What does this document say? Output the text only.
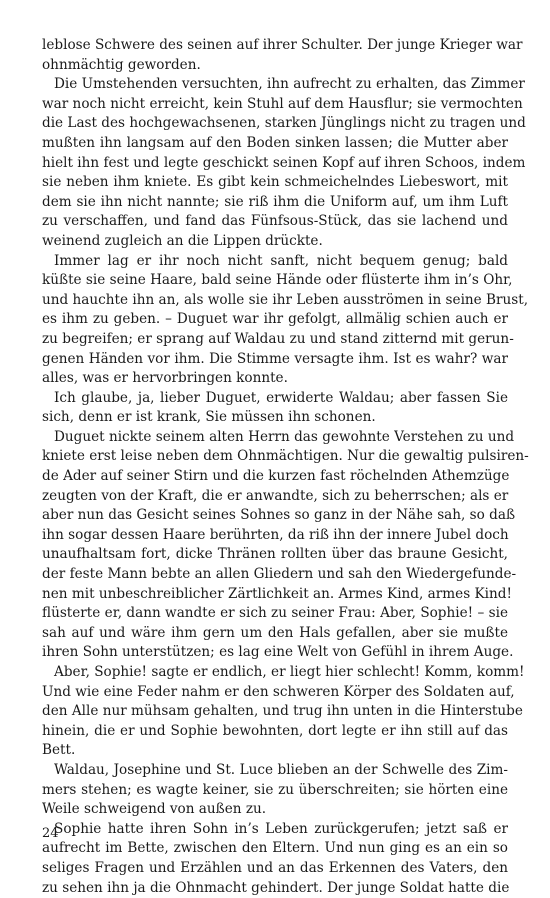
leblose Schwere des seinen auf ihrer Schulter. Der junge Krieger war
ohnmächtig geworden.
Die Umstehenden versuchten, ihn aufrecht zu erhalten, das Zimmer
war noch nicht erreicht, kein Stuhl auf dem Hausflur; sie vermochten
die Last des hochgewachsenen, starken Jünglings nicht zu tragen und
mußten ihn langsam auf den Boden sinken lassen; die Mutter aber
hielt ihn fest und legte geschickt seinen Kopf auf ihren Schoos, indem
sie neben ihm kniete. Es gibt kein schmeichelndes Liebeswort, mit
dem sie ihn nicht nannte; sie riß ihm die Uniform auf, um ihm Luft
zu verschaffen, und fand das Fünfsous-Stück, das sie lachend und
weinend zugleich an die Lippen drückte.
Immer lag er ihr noch nicht sanft, nicht bequem genug; bald
küßte sie seine Haare, bald seine Hände oder flüsterte ihm in’s Ohr,
und hauchte ihn an, als wolle sie ihr Leben ausströmen in seine Brust,
es ihm zu geben. – Duguet war ihr gefolgt, allmälig schien auch er
zu begreifen; er sprang auf Waldau zu und stand zitternd mit gerun-
genen Händen vor ihm. Die Stimme versagte ihm. Ist es wahr? war
alles, was er hervorbringen konnte.
Ich glaube, ja, lieber Duguet, erwiderte Waldau; aber fassen Sie
sich, denn er ist krank, Sie müssen ihn schonen.
Duguet nickte seinem alten Herrn das gewohnte Verstehen zu und
kniete erst leise neben dem Ohnmächtigen. Nur die gewaltig pulsiren-
de Ader auf seiner Stirn und die kurzen fast röchelnden Athemzüge
zeugten von der Kraft, die er anwandte, sich zu beherrschen; als er
aber nun das Gesicht seines Sohnes so ganz in der Nähe sah, so daß
ihn sogar dessen Haare berührten, da riß ihn der innere Jubel doch
unaufhaltsam fort, dicke Thränen rollten über das braune Gesicht,
der feste Mann bebte an allen Gliedern und sah den Wiedergefunde-
nen mit unbeschreiblicher Zärtlichkeit an. Armes Kind, armes Kind!
flüsterte er, dann wandte er sich zu seiner Frau: Aber, Sophie! – sie
sah auf und wäre ihm gern um den Hals gefallen, aber sie mußte
ihren Sohn unterstützen; es lag eine Welt von Gefühl in ihrem Auge.
Aber, Sophie! sagte er endlich, er liegt hier schlecht! Komm, komm!
Und wie eine Feder nahm er den schweren Körper des Soldaten auf,
den Alle nur mühsam gehalten, und trug ihn unten in die Hinterstube
hinein, die er und Sophie bewohnten, dort legte er ihn still auf das
Bett.
Waldau, Josephine und St. Luce blieben an der Schwelle des Zim-
mers stehen; es wagte keiner, sie zu überschreiten; sie hörten eine
Weile schweigend von außen zu.
Sophie hatte ihren Sohn in’s Leben zurückgerufen; jetzt saß er
aufrecht im Bette, zwischen den Eltern. Und nun ging es an ein so
seliges Fragen und Erzählen und an das Erkennen des Vaters, den
zu sehen ihn ja die Ohnmacht gehindert. Der junge Soldat hatte die
24
